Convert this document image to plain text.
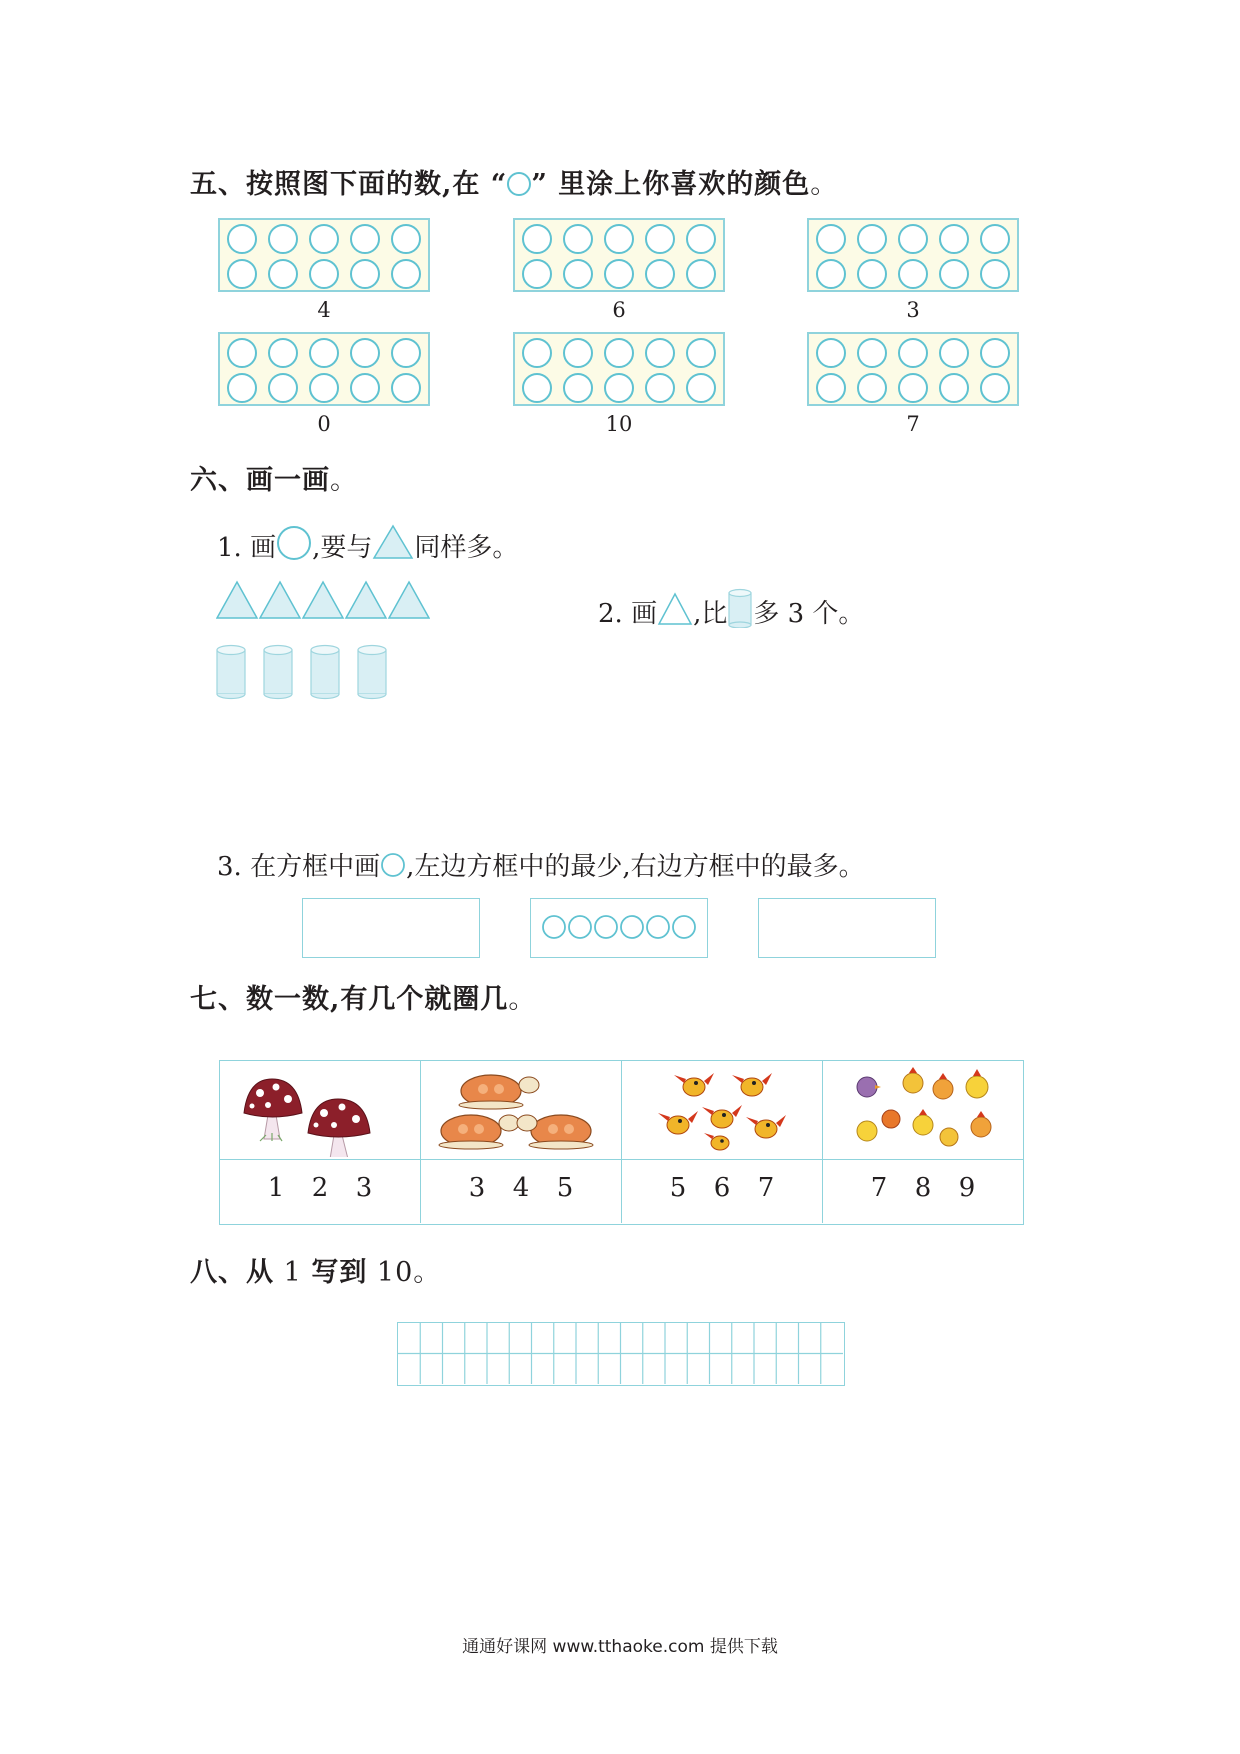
五、按照图下面的数,在 “ ” 里涂上你喜欢的颜色。
4	6	3
0	10	7
六、画一画。
1. 画 ,要与 同样多。
2. 画 ,比 多 3 个。
3. 在方框中画 ,左边方框中的最少,右边方框中的最多。
七、数一数,有几个就圈几。
1 2 3	3 4 5	5 6 7	7 8 9
八、从 1 写到 10。
通通好课网 www.tthaoke.com 提供下载
